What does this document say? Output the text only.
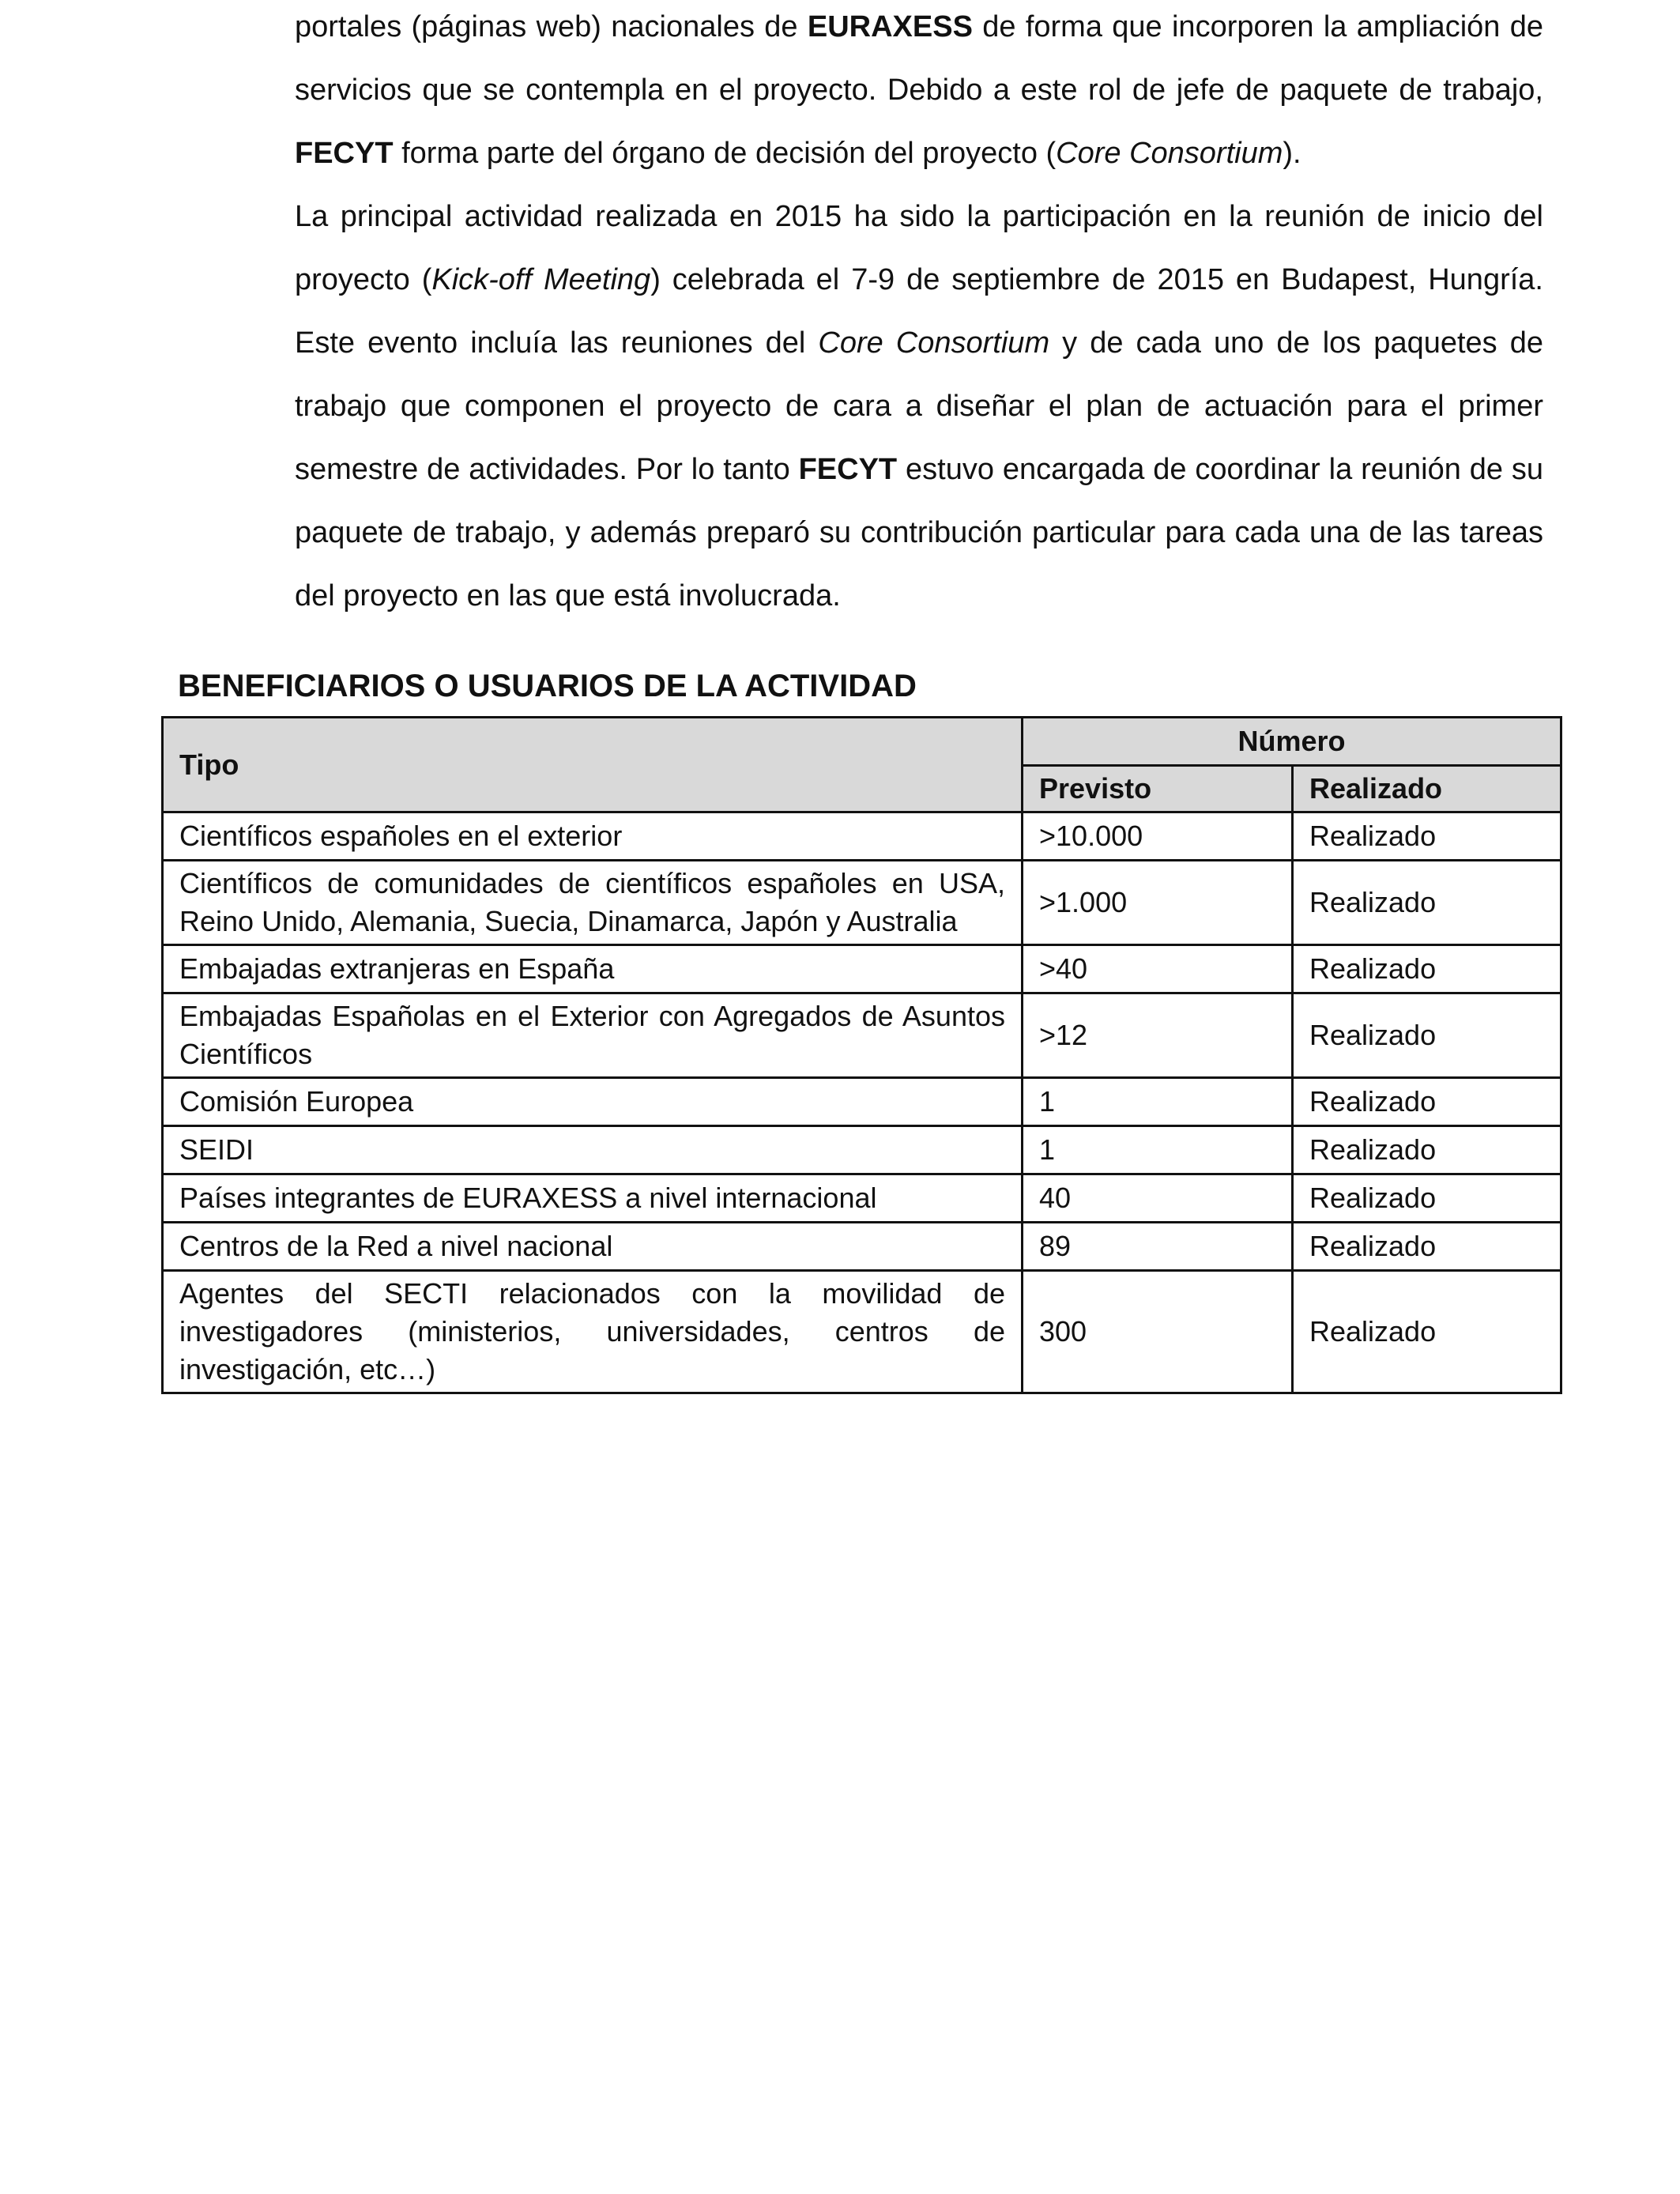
portales (páginas web) nacionales de EURAXESS de forma que incorporen la ampliación de servicios que se contempla en el proyecto. Debido a este rol de jefe de paquete de trabajo, FECYT forma parte del órgano de decisión del proyecto (Core Consortium).

La principal actividad realizada en 2015 ha sido la participación en la reunión de inicio del proyecto (Kick-off Meeting) celebrada el 7-9 de septiembre de 2015 en Budapest, Hungría. Este evento incluía las reuniones del Core Consortium y de cada uno de los paquetes de trabajo que componen el proyecto de cara a diseñar el plan de actuación para el primer semestre de actividades. Por lo tanto FECYT estuvo encargada de coordinar la reunión de su paquete de trabajo, y además preparó su contribución particular para cada una de las tareas del proyecto en las que está involucrada.

BENEFICIARIOS O USUARIOS DE LA ACTIVIDAD
Tipo	Número	
	Previsto	Realizado
Científicos españoles en el exterior	>10.000	Realizado
Científicos de comunidades de científicos españoles en USA, Reino Unido, Alemania, Suecia, Dinamarca, Japón y Australia	>1.000	Realizado
Embajadas extranjeras en España	>40	Realizado
Embajadas Españolas en el Exterior con Agregados de Asuntos Científicos	>12	Realizado
Comisión Europea	1	Realizado
SEIDI	1	Realizado
Países integrantes de EURAXESS a nivel internacional	40	Realizado
Centros de la Red a nivel nacional	89	Realizado
Agentes del SECTI relacionados con la movilidad de investigadores (ministerios, universidades, centros de investigación, etc…)	300	Realizado
